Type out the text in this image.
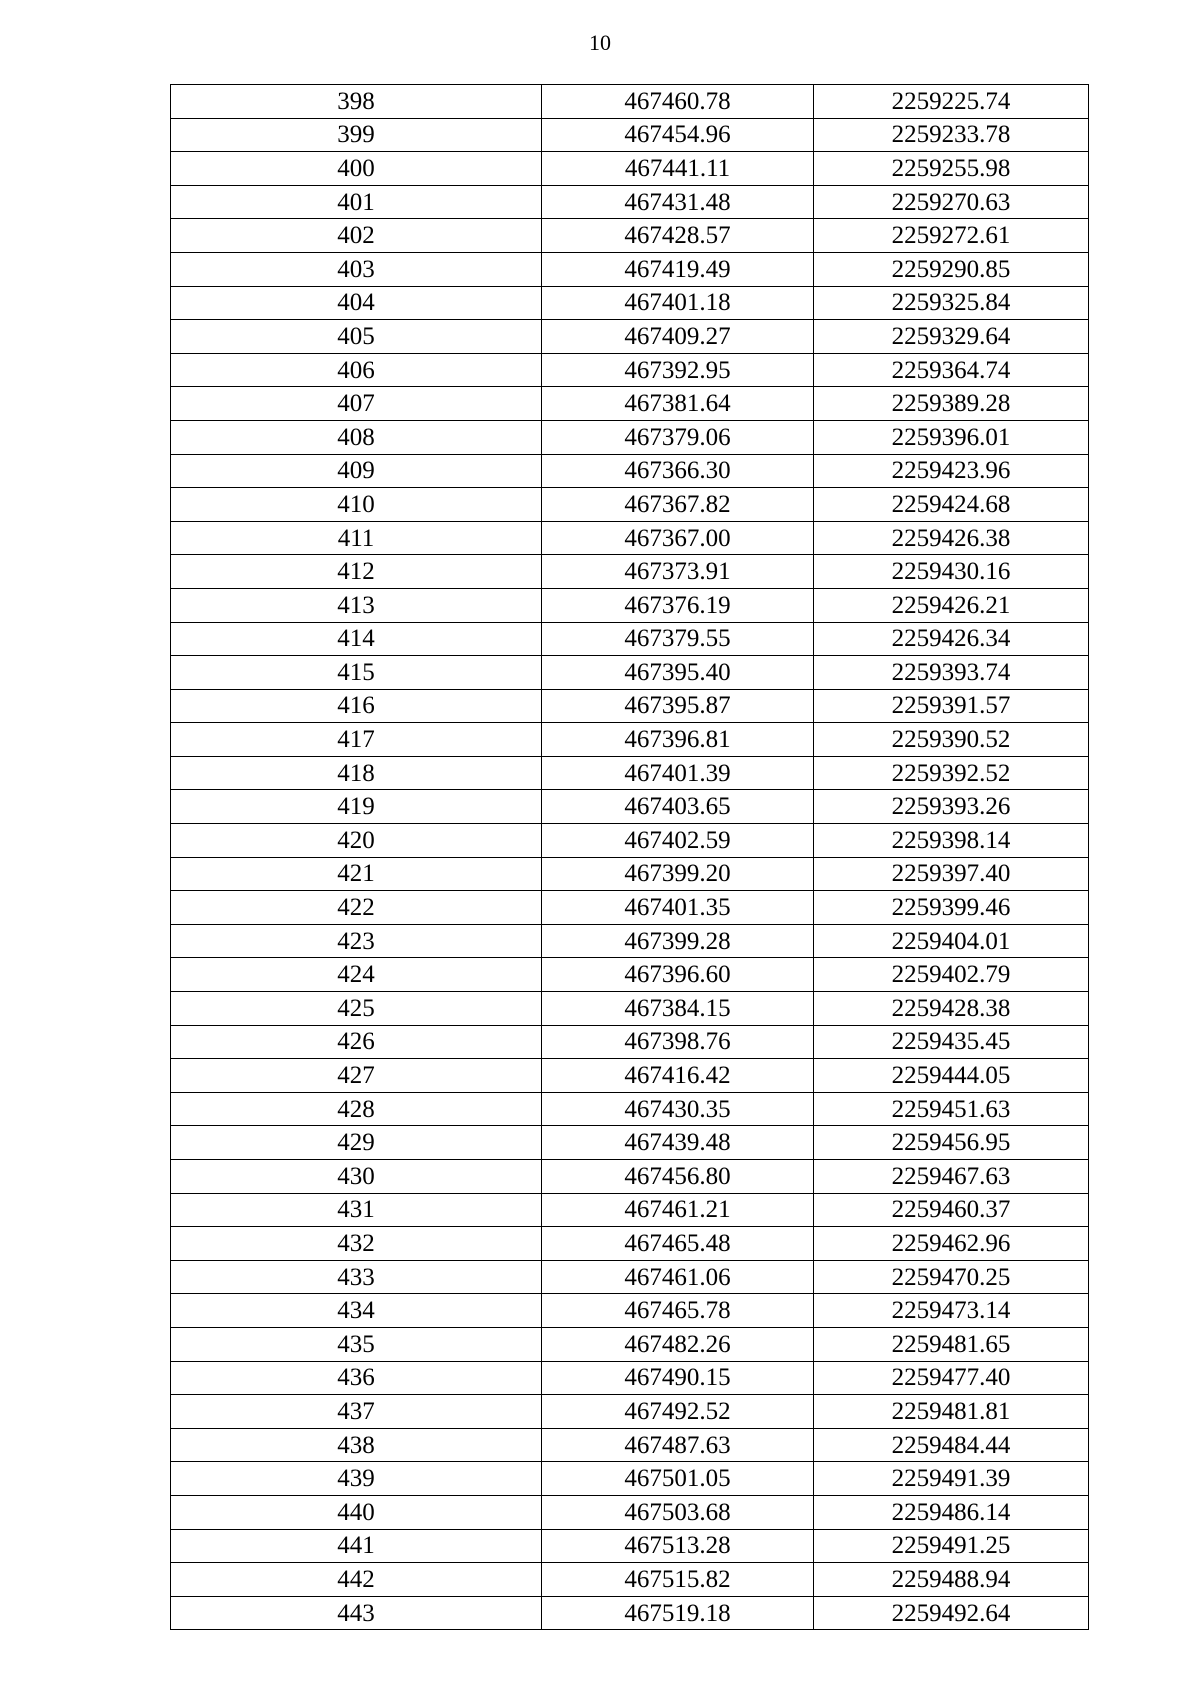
10
398	467460.78	2259225.74
399	467454.96	2259233.78
400	467441.11	2259255.98
401	467431.48	2259270.63
402	467428.57	2259272.61
403	467419.49	2259290.85
404	467401.18	2259325.84
405	467409.27	2259329.64
406	467392.95	2259364.74
407	467381.64	2259389.28
408	467379.06	2259396.01
409	467366.30	2259423.96
410	467367.82	2259424.68
411	467367.00	2259426.38
412	467373.91	2259430.16
413	467376.19	2259426.21
414	467379.55	2259426.34
415	467395.40	2259393.74
416	467395.87	2259391.57
417	467396.81	2259390.52
418	467401.39	2259392.52
419	467403.65	2259393.26
420	467402.59	2259398.14
421	467399.20	2259397.40
422	467401.35	2259399.46
423	467399.28	2259404.01
424	467396.60	2259402.79
425	467384.15	2259428.38
426	467398.76	2259435.45
427	467416.42	2259444.05
428	467430.35	2259451.63
429	467439.48	2259456.95
430	467456.80	2259467.63
431	467461.21	2259460.37
432	467465.48	2259462.96
433	467461.06	2259470.25
434	467465.78	2259473.14
435	467482.26	2259481.65
436	467490.15	2259477.40
437	467492.52	2259481.81
438	467487.63	2259484.44
439	467501.05	2259491.39
440	467503.68	2259486.14
441	467513.28	2259491.25
442	467515.82	2259488.94
443	467519.18	2259492.64
